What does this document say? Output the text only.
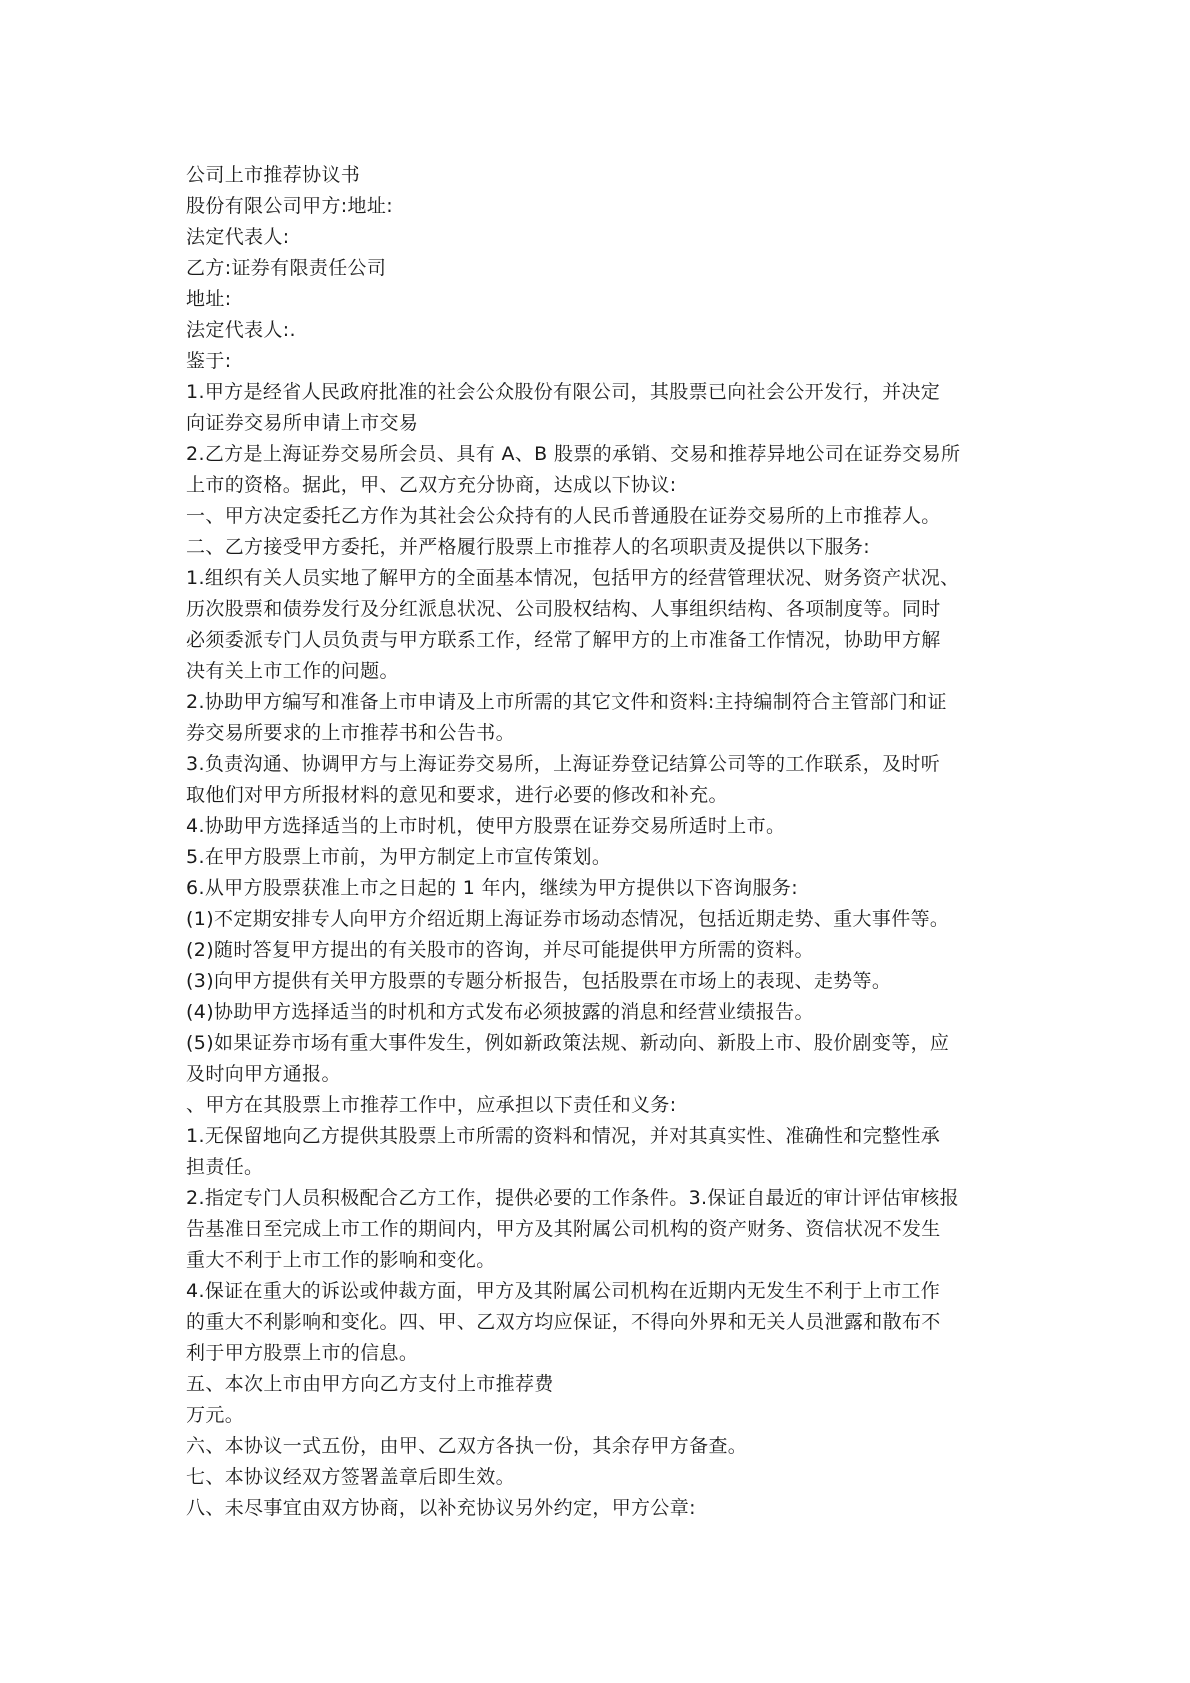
公司上市推荐协议书
股份有限公司甲方:地址:
法定代表人:
乙方:证券有限责任公司
地址:
法定代表人:.
鉴于:
1.甲方是经省人民政府批准的社会公众股份有限公司，其股票已向社会公开发行，并决定
向证券交易所申请上市交易
2.乙方是上海证券交易所会员、具有 A、B 股票的承销、交易和推荐异地公司在证券交易所
上市的资格。据此，甲、乙双方充分协商，达成以下协议:
一、甲方决定委托乙方作为其社会公众持有的人民币普通股在证券交易所的上市推荐人。
二、乙方接受甲方委托，并严格履行股票上市推荐人的名项职责及提供以下服务:
1.组织有关人员实地了解甲方的全面基本情况，包括甲方的经营管理状况、财务资产状况、
历次股票和债券发行及分红派息状况、公司股权结构、人事组织结构、各项制度等。同时
必须委派专门人员负责与甲方联系工作，经常了解甲方的上市准备工作情况，协助甲方解
决有关上市工作的问题。
2.协助甲方编写和准备上市申请及上市所需的其它文件和资料:主持编制符合主管部门和证
券交易所要求的上市推荐书和公告书。
3.负责沟通、协调甲方与上海证券交易所，上海证券登记结算公司等的工作联系，及时听
取他们对甲方所报材料的意见和要求，进行必要的修改和补充。
4.协助甲方选择适当的上市时机，使甲方股票在证券交易所适时上市。
5.在甲方股票上市前，为甲方制定上市宣传策划。
6.从甲方股票获准上市之日起的 1 年内，继续为甲方提供以下咨询服务:
(1)不定期安排专人向甲方介绍近期上海证券市场动态情况，包括近期走势、重大事件等。
(2)随时答复甲方提出的有关股市的咨询，并尽可能提供甲方所需的资料。
(3)向甲方提供有关甲方股票的专题分析报告，包括股票在市场上的表现、走势等。
(4)协助甲方选择适当的时机和方式发布必须披露的消息和经营业绩报告。
(5)如果证券市场有重大事件发生，例如新政策法规、新动向、新股上市、股价剧变等，应
及时向甲方通报。
、甲方在其股票上市推荐工作中，应承担以下责任和义务:
1.无保留地向乙方提供其股票上市所需的资料和情况，并对其真实性、准确性和完整性承
担责任。
2.指定专门人员积极配合乙方工作，提供必要的工作条件。3.保证自最近的审计评估审核报
告基准日至完成上市工作的期间内，甲方及其附属公司机构的资产财务、资信状况不发生
重大不利于上市工作的影响和变化。
4.保证在重大的诉讼或仲裁方面，甲方及其附属公司机构在近期内无发生不利于上市工作
的重大不利影响和变化。四、甲、乙双方均应保证，不得向外界和无关人员泄露和散布不
利于甲方股票上市的信息。
五、本次上市由甲方向乙方支付上市推荐费
万元。
六、本协议一式五份，由甲、乙双方各执一份，其余存甲方备查。
七、本协议经双方签署盖章后即生效。
八、未尽事宜由双方协商，以补充协议另外约定，甲方公章:
